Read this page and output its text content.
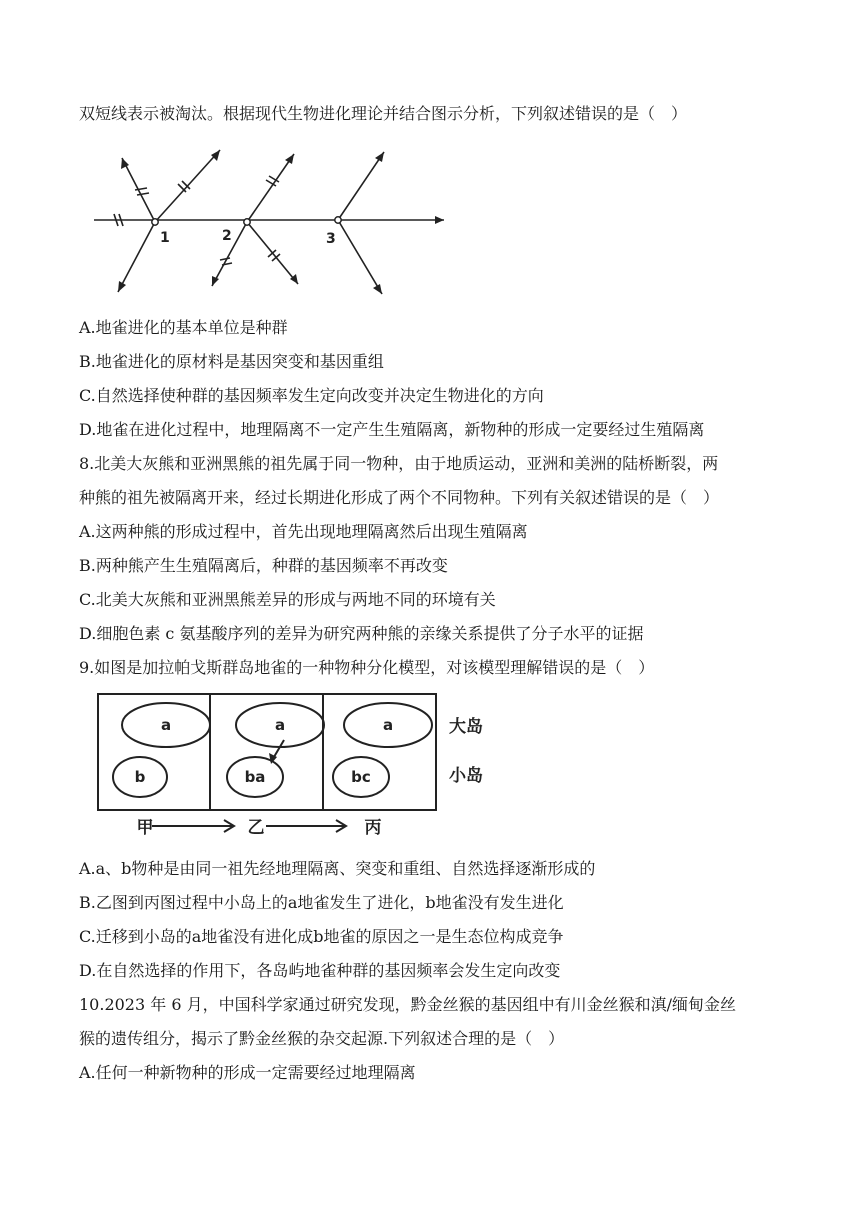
双短线表示被淘汰。根据现代生物进化理论并结合图示分析，下列叙述错误的是（　）
1	2	3
A.地雀进化的基本单位是种群
B.地雀进化的原材料是基因突变和基因重组
C.自然选择使种群的基因频率发生定向改变并决定生物进化的方向
D.地雀在进化过程中，地理隔离不一定产生生殖隔离，新物种的形成一定要经过生殖隔离
8.北美大灰熊和亚洲黑熊的祖先属于同一物种，由于地质运动，亚洲和美洲的陆桥断裂，两
种熊的祖先被隔离开来，经过长期进化形成了两个不同物种。下列有关叙述错误的是（　）
A.这两种熊的形成过程中，首先出现地理隔离然后出现生殖隔离
B.两种熊产生生殖隔离后，种群的基因频率不再改变
C.北美大灰熊和亚洲黑熊差异的形成与两地不同的环境有关
D.细胞色素 c 氨基酸序列的差异为研究两种熊的亲缘关系提供了分子水平的证据
9.如图是加拉帕戈斯群岛地雀的一种物种分化模型，对该模型理解错误的是（　）
a
b
a
ba
a
bc
大岛
小岛
甲	乙	丙
A.a、b物种是由同一祖先经地理隔离、突变和重组、自然选择逐渐形成的
B.乙图到丙图过程中小岛上的a地雀发生了进化，b地雀没有发生进化
C.迁移到小岛的a地雀没有进化成b地雀的原因之一是生态位构成竞争
D.在自然选择的作用下，各岛屿地雀种群的基因频率会发生定向改变
10.2023 年 6 月，中国科学家通过研究发现，黔金丝猴的基因组中有川金丝猴和滇/缅甸金丝
猴的遗传组分，揭示了黔金丝猴的杂交起源.下列叙述合理的是（　）
A.任何一种新物种的形成一定需要经过地理隔离
